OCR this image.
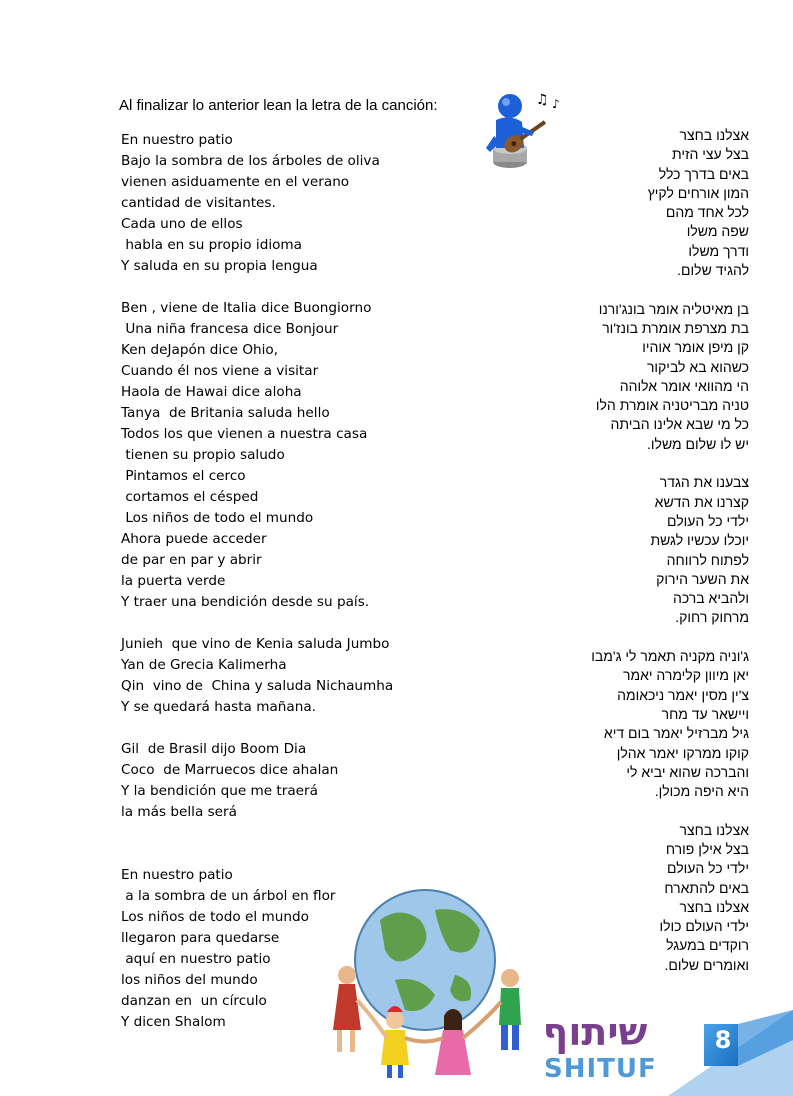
Al finalizar lo anterior lean la letra de la canción:
En nuestro patio
Bajo la sombra de los árboles de oliva
vienen asiduamente en el verano
cantidad de visitantes.
Cada uno de ellos
habla en su propio idioma
Y saluda en su propia lengua
Ben , viene de Italia dice Buongiorno
Una niña francesa dice Bonjour
Ken deJapón dice Ohio,
Cuando él nos viene a visitar
Haola de Hawai dice aloha
Tanya  de Britania saluda hello
Todos los que vienen a nuestra casa
tienen su propio saludo
Pintamos el cerco
cortamos el césped
Los niños de todo el mundo
Ahora puede acceder
de par en par y abrir
la puerta verde
Y traer una bendición desde su país.
Junieh  que vino de Kenia saluda Jumbo
Yan de Grecia Kalimerha
Qin  vino de  China y saluda Nichaumha
Y se quedará hasta mañana.
Gil  de Brasil dijo Boom Dia
Coco  de Marruecos dice ahalan
Y la bendición que me traerá
la más bella será
En nuestro patio
a la sombra de un árbol en flor
Los niños de todo el mundo
llegaron para quedarse
aquí en nuestro patio
los niños del mundo
danzan en  un círculo
Y dicen Shalom
אצלנו בחצר
בצל עצי הזית
באים בדרך כלל
המון אורחים לקיץ
לכל אחד מהם
שפה משלו
ודרך משלו
להגיד שלום.
בן מאיטליה אומר בונג'ורנו
בת מצרפת אומרת בונז'ור
קן מיפן אומר אוהיו
כשהוא בא לביקור
הי מהוואי אומר אלוהה
טניה מבריטניה אומרת הלו
כל מי שבא אלינו הביתה
יש לו שלום משלו.
צבענו את הגדר
קצרנו את הדשא
ילדי כל העולם
יוכלו עכשיו לגשת
לפתוח לרווחה
את השער הירוק
ולהביא ברכה
מרחוק רחוק.
ג'וניה מקניה תאמר לי ג'מבו
יאן מיוון קלימרה יאמר
צ'ין מסין יאמר ניכאומה
ויישאר עד מחר
גיל מברזיל יאמר בום דיא
קוקו ממרקו יאמר אהלן
והברכה שהוא יביא לי
היא היפה מכולן.
אצלנו בחצר
בצל אילן פורח
ילדי כל העולם
באים להתארח
אצלנו בחצר
ילדי העולם כולו
רוקדים במעגל
ואומרים שלום.
♫ ♪
שיתוף
SHITUF
8
